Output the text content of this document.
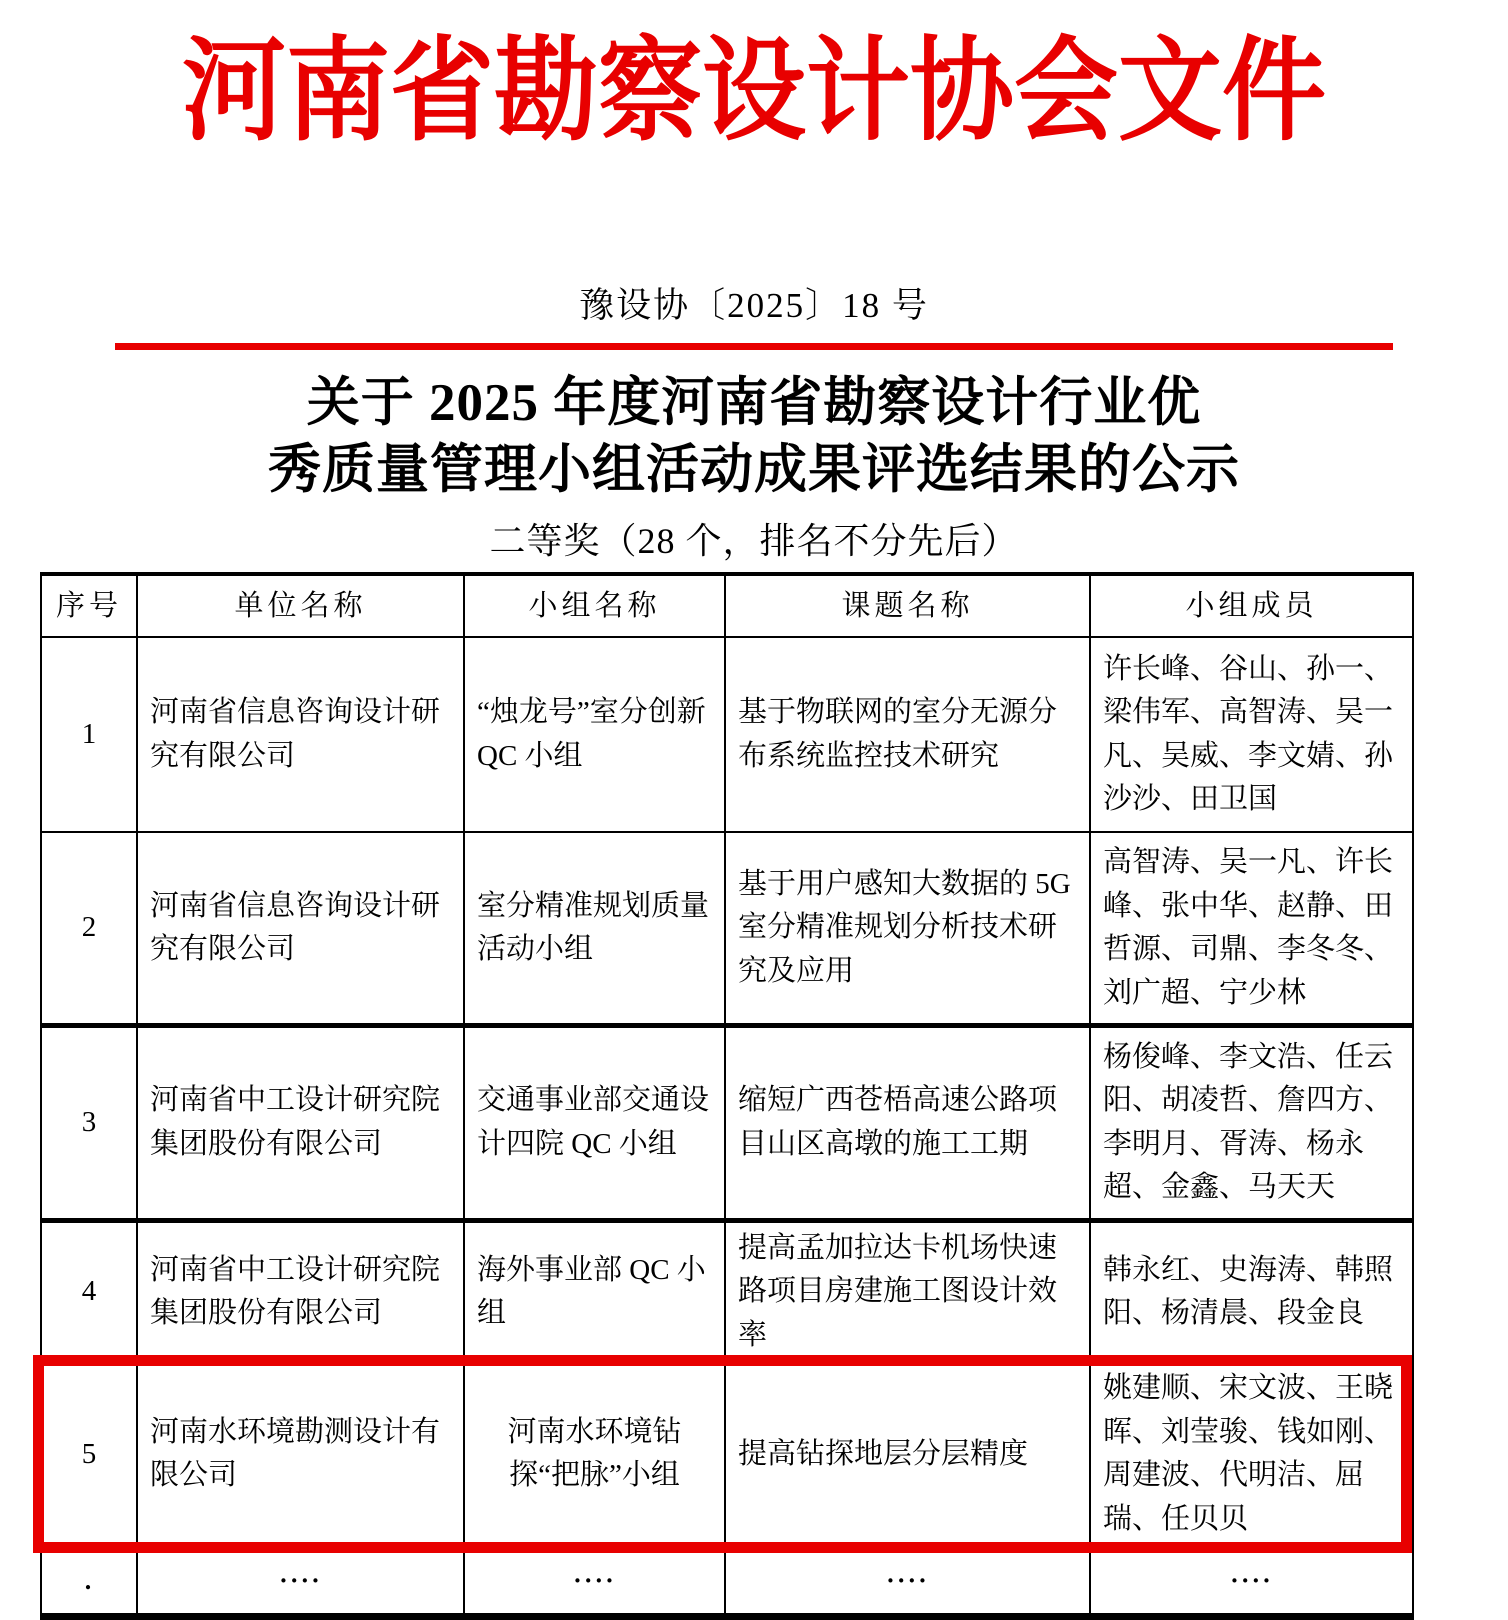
河南省勘察设计协会文件
豫设协〔2025〕18 号
关于 2025 年度河南省勘察设计行业优
秀质量管理小组活动成果评选结果的公示
二等奖（28 个，排名不分先后）
序号	单位名称	小组名称	课题名称	小组成员
1	河南省信息咨询设计研究有限公司	“烛龙号”室分创新 QC 小组	基于物联网的室分无源分布系统监控技术研究	许长峰、谷山、孙一、梁伟军、高智涛、吴一凡、吴威、李文婧、孙沙沙、田卫国
2	河南省信息咨询设计研究有限公司	室分精准规划质量活动小组	基于用户感知大数据的 5G 室分精准规划分析技术研究及应用	高智涛、吴一凡、许长峰、张中华、赵静、田哲源、司鼎、李冬冬、刘广超、宁少林
3	河南省中工设计研究院集团股份有限公司	交通事业部交通设计四院 QC 小组	缩短广西苍梧高速公路项目山区高墩的施工工期	杨俊峰、李文浩、任云阳、胡凌哲、詹四方、李明月、胥涛、杨永超、金鑫、马天天
4	河南省中工设计研究院集团股份有限公司	海外事业部 QC 小组	提高孟加拉达卡机场快速路项目房建施工图设计效率	韩永红、史海涛、韩照阳、杨清晨、段金良
5	河南水环境勘测设计有限公司	河南水环境钻探“把脉”小组	提高钻探地层分层精度	姚建顺、宋文波、王晓晖、刘莹骏、钱如刚、周建波、代明洁、屈瑞、任贝贝
.	····	····	····	····
